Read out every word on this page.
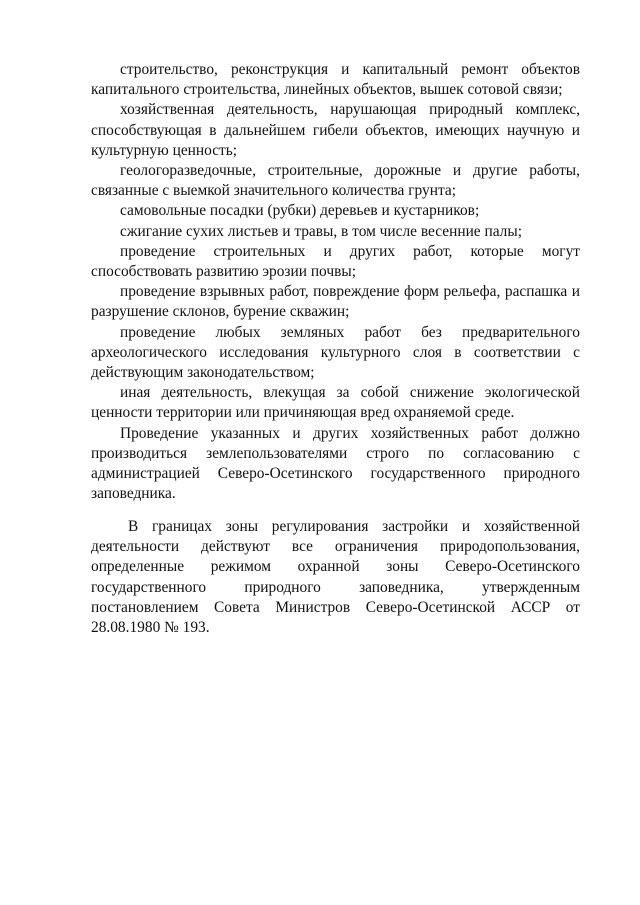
строительство, реконструкция и капитальный ремонт объектов капитального строительства, линейных объектов, вышек сотовой связи;

хозяйственная деятельность, нарушающая природный комплекс, способствующая в дальнейшем гибели объектов, имеющих научную и культурную ценность;

геологоразведочные, строительные, дорожные и другие работы, связанные с выемкой значительного количества грунта;

самовольные посадки (рубки) деревьев и кустарников;

сжигание сухих листьев и травы, в том числе весенние палы;

проведение строительных и других работ, которые могут способствовать развитию эрозии почвы;

проведение взрывных работ, повреждение форм рельефа, распашка и разрушение склонов, бурение скважин;

проведение любых земляных работ без предварительного археологического исследования культурного слоя в соответствии с действующим законодательством;

иная деятельность, влекущая за собой снижение экологической ценности территории или причиняющая вред охраняемой среде.

Проведение указанных и других хозяйственных работ должно производиться землепользователями строго по согласованию с администрацией Северо-Осетинского государственного природного заповедника.

В границах зоны регулирования застройки и хозяйственной деятельности действуют все ограничения природопользования, определенные режимом охранной зоны Северо-Осетинского государственного природного заповедника, утвержденным постановлением Совета Министров Северо-Осетинской АССР от 28.08.1980 № 193.
